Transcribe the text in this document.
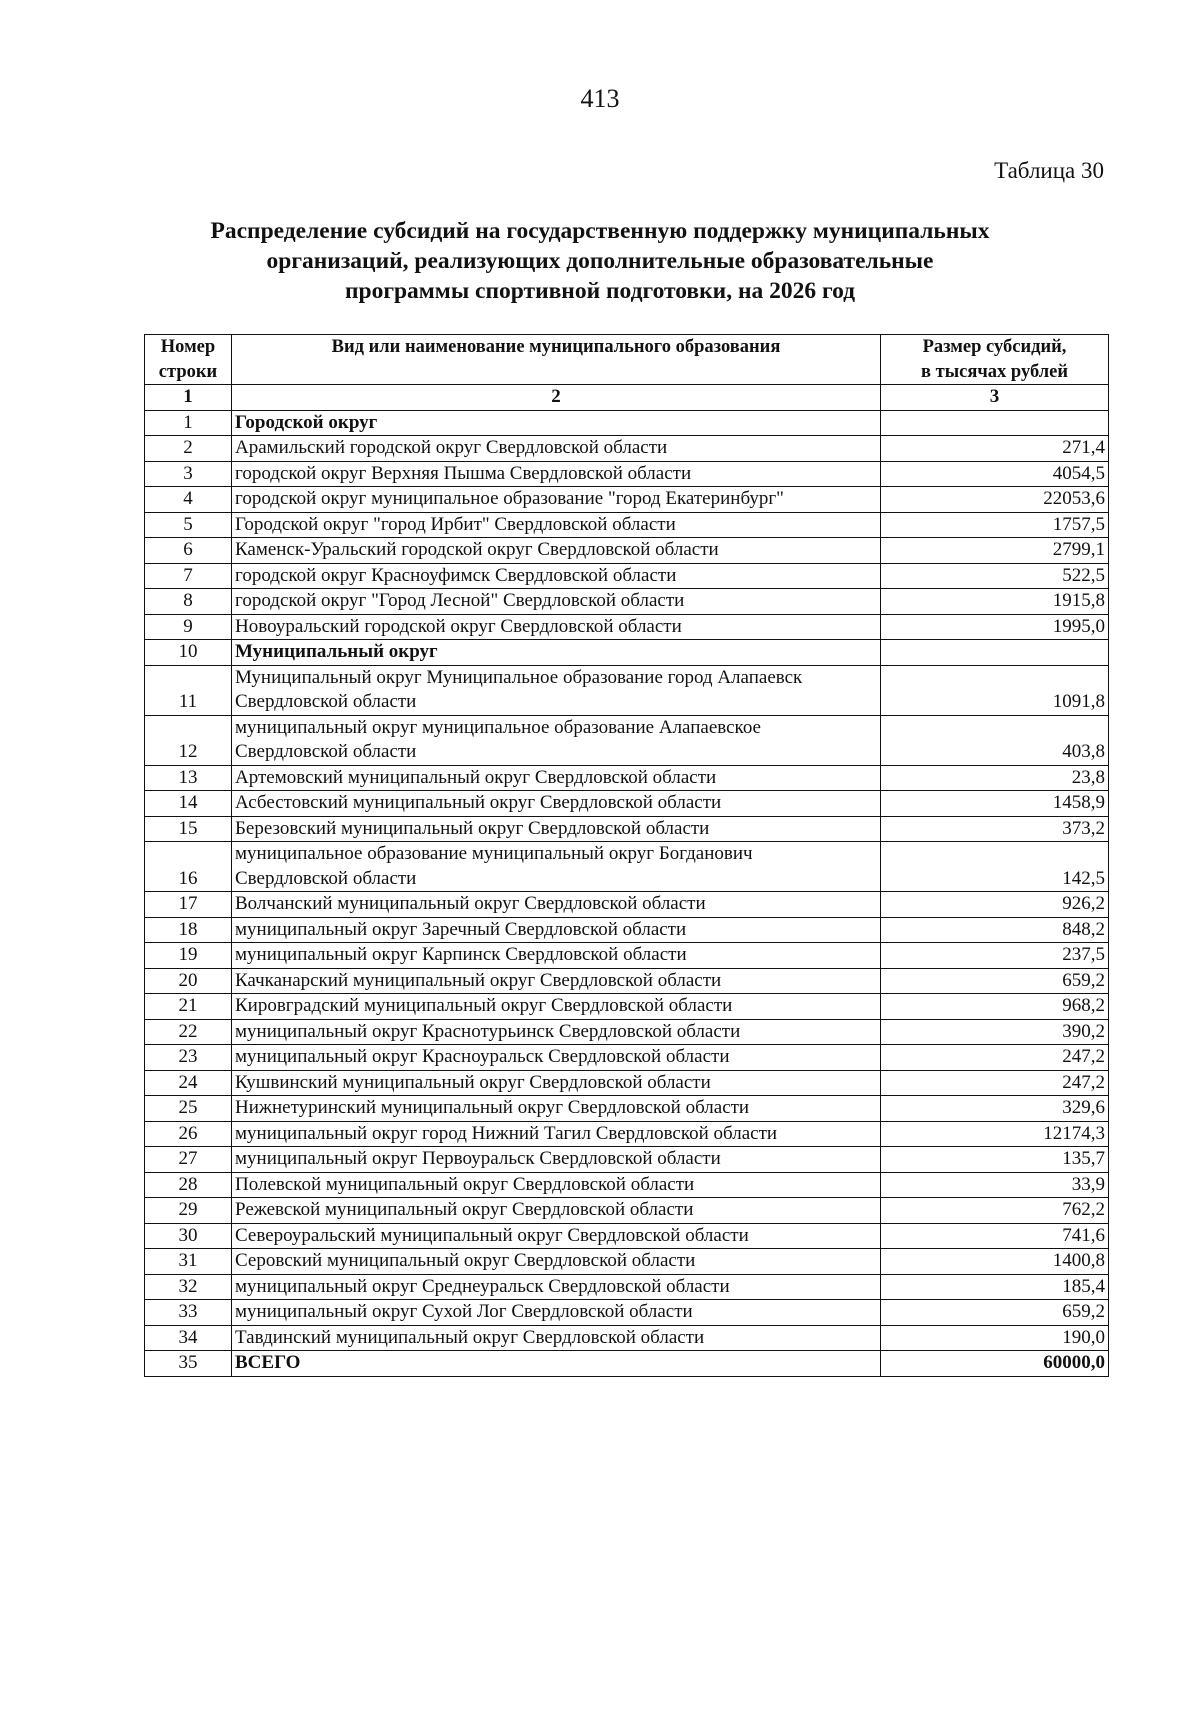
413
Таблица 30
Распределение субсидий на государственную поддержку муниципальных
организаций, реализующих дополнительные образовательные
программы спортивной подготовки, на 2026 год
Номер
строки	Вид или наименование муниципального образования	Размер субсидий,
в тысячах рублей

1	2	3
1	Городской округ	

2	Арамильский городской округ Свердловской области	271,4
3	городской округ Верхняя Пышма Свердловской области	4054,5
4	городской округ муниципальное образование "город Екатеринбург"	22053,6
5	Городской округ "город Ирбит" Свердловской области	1757,5
6	Каменск-Уральский городской округ Свердловской области	2799,1
7	городской округ Красноуфимск Свердловской области	522,5
8	городской округ "Город Лесной" Свердловской области	1915,8
9	Новоуральский городской округ Свердловской области	1995,0
10	Муниципальный округ	

11	Муниципальный округ Муниципальное образование город Алапаевск
Свердловской области	1091,8
12	муниципальный округ муниципальное образование Алапаевское
Свердловской области	403,8
13	Артемовский муниципальный округ Свердловской области	23,8
14	Асбестовский муниципальный округ Свердловской области	1458,9
15	Березовский муниципальный округ Свердловской области	373,2
16	муниципальное образование муниципальный округ Богданович
Свердловской области	142,5
17	Волчанский муниципальный округ Свердловской области	926,2
18	муниципальный округ Заречный Свердловской области	848,2
19	муниципальный округ Карпинск Свердловской области	237,5
20	Качканарский муниципальный округ Свердловской области	659,2
21	Кировградский муниципальный округ Свердловской области	968,2
22	муниципальный округ Краснотурьинск Свердловской области	390,2
23	муниципальный округ Красноуральск Свердловской области	247,2
24	Кушвинский муниципальный округ Свердловской области	247,2
25	Нижнетуринский муниципальный округ Свердловской области	329,6
26	муниципальный округ город Нижний Тагил Свердловской области	12174,3
27	муниципальный округ Первоуральск Свердловской области	135,7
28	Полевской муниципальный округ Свердловской области	33,9
29	Режевской муниципальный округ Свердловской области	762,2
30	Североуральский муниципальный округ Свердловской области	741,6
31	Серовский муниципальный округ Свердловской области	1400,8
32	муниципальный округ Среднеуральск Свердловской области	185,4
33	муниципальный округ Сухой Лог Свердловской области	659,2
34	Тавдинский муниципальный округ Свердловской области	190,0
35	ВСЕГО	60000,0
